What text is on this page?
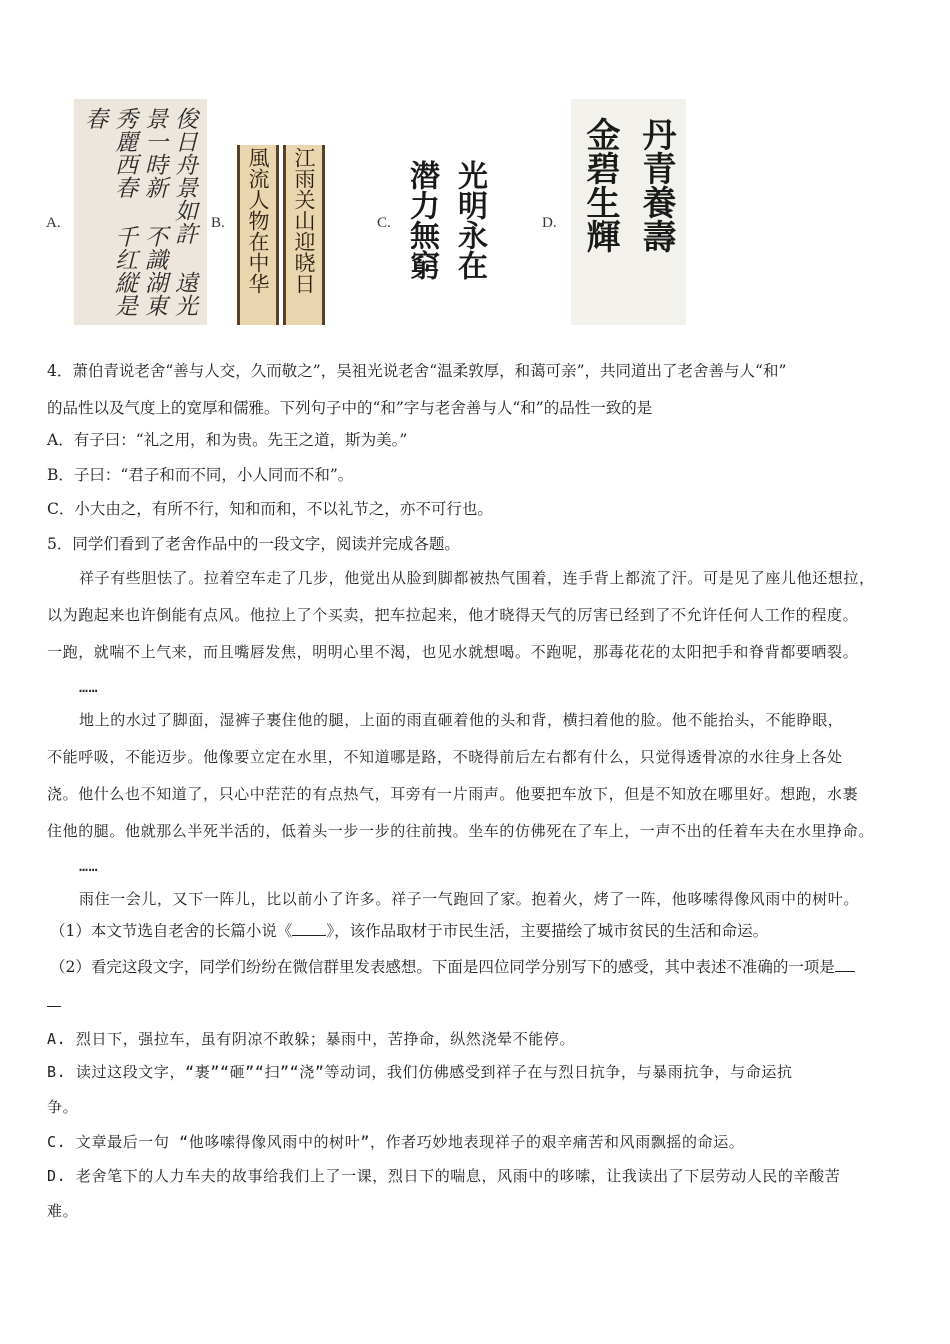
A.	俊日舟景如許 遠光景一時新 不識湖東秀麗西春 千红縦是春
B. 風流人物在中华 江雨关山迎晓日	C. 潜力無窮 光明永在	D. 金碧生輝 丹青養壽
4．萧伯青说老舍“善与人交，久而敬之”，吴祖光说老舍“温柔敦厚，和蔼可亲”，共同道出了老舍善与人“和”
的品性以及气度上的宽厚和儒雅。下列句子中的“和”字与老舍善与人“和”的品性一致的是
A．有子曰：“礼之用，和为贵。先王之道，斯为美。”
B．子曰：“君子和而不同，小人同而不和”。
C．小大由之，有所不行，知和而和，不以礼节之，亦不可行也。
5．同学们看到了老舍作品中的一段文字，阅读并完成各题。
祥子有些胆怯了。拉着空车走了几步，他觉出从脸到脚都被热气围着，连手背上都流了汗。可是见了座儿他还想拉，
以为跑起来也许倒能有点风。他拉上了个买卖，把车拉起来，他才晓得天气的厉害已经到了不允许任何人工作的程度。
一跑，就喘不上气来，而且嘴唇发焦，明明心里不渴，也见水就想喝。不跑呢，那毒花花的太阳把手和脊背都要晒裂。
……
地上的水过了脚面，湿裤子裹住他的腿，上面的雨直砸着他的头和背，横扫着他的脸。他不能抬头，不能睁眼，
不能呼吸，不能迈步。他像要立定在水里，不知道哪是路，不晓得前后左右都有什么，只觉得透骨凉的水往身上各处
浇。他什么也不知道了，只心中茫茫的有点热气，耳旁有一片雨声。他要把车放下，但是不知放在哪里好。想跑，水裹
住他的腿。他就那么半死半活的，低着头一步一步的往前拽。坐车的仿佛死在了车上，一声不出的任着车夫在水里挣命。
……
雨住一会儿，又下一阵儿，比以前小了许多。祥子一气跑回了家。抱着火，烤了一阵，他哆嗦得像风雨中的树叶。
（1）本文节选自老舍的长篇小说《 》，该作品取材于市民生活，主要描绘了城市贫民的生活和命运。
（2）看完这段文字，同学们纷纷在微信群里发表感想。下面是四位同学分别写下的感受，其中表述不准确的一项是
A. 烈日下，强拉车，虽有阴凉不敢躲；暴雨中，苦挣命，纵然浇晕不能停。
B. 读过这段文字，“裹”“砸”“扫”“浇”等动词，我们仿佛感受到祥子在与烈日抗争，与暴雨抗争，与命运抗
争。
C. 文章最后一句 “他哆嗦得像风雨中的树叶”，作者巧妙地表现祥子的艰辛痛苦和风雨飘摇的命运。
D. 老舍笔下的人力车夫的故事给我们上了一课，烈日下的喘息，风雨中的哆嗦，让我读出了下层劳动人民的辛酸苦
难。
